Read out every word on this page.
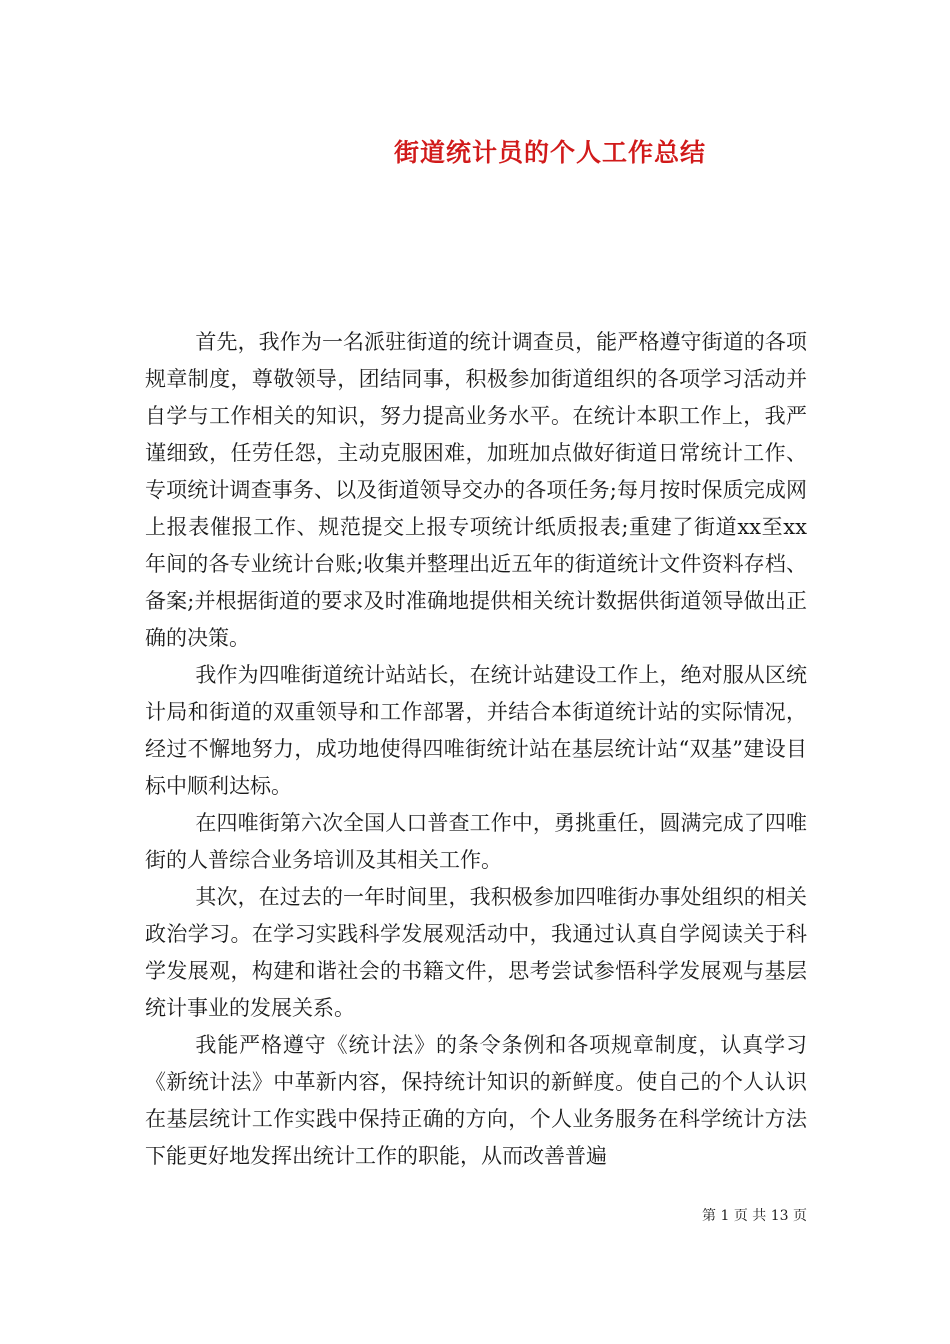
街道统计员的个人工作总结

首先，我作为一名派驻街道的统计调查员，能严格遵守街道的各项规章制度，尊敬领导，团结同事，积极参加街道组织的各项学习活动并自学与工作相关的知识，努力提高业务水平。在统计本职工作上，我严谨细致，任劳任怨，主动克服困难，加班加点做好街道日常统计工作、专项统计调查事务、以及街道领导交办的各项任务;每月按时保质完成网上报表催报工作、规范提交上报专项统计纸质报表;重建了街道xx至xx年间的各专业统计台账;收集并整理出近五年的街道统计文件资料存档、备案;并根据街道的要求及时准确地提供相关统计数据供街道领导做出正确的决策。

我作为四唯街道统计站站长，在统计站建设工作上，绝对服从区统计局和街道的双重领导和工作部署，并结合本街道统计站的实际情况，经过不懈地努力，成功地使得四唯街统计站在基层统计站“双基”建设目标中顺利达标。

在四唯街第六次全国人口普查工作中，勇挑重任，圆满完成了四唯街的人普综合业务培训及其相关工作。

其次，在过去的一年时间里，我积极参加四唯街办事处组织的相关政治学习。在学习实践科学发展观活动中，我通过认真自学阅读关于科学发展观，构建和谐社会的书籍文件，思考尝试参悟科学发展观与基层统计事业的发展关系。

我能严格遵守《统计法》的条令条例和各项规章制度，认真学习《新统计法》中革新内容，保持统计知识的新鲜度。使自己的个人认识在基层统计工作实践中保持正确的方向，个人业务服务在科学统计方法下能更好地发挥出统计工作的职能，从而改善普遍

第 1 页 共 13 页
